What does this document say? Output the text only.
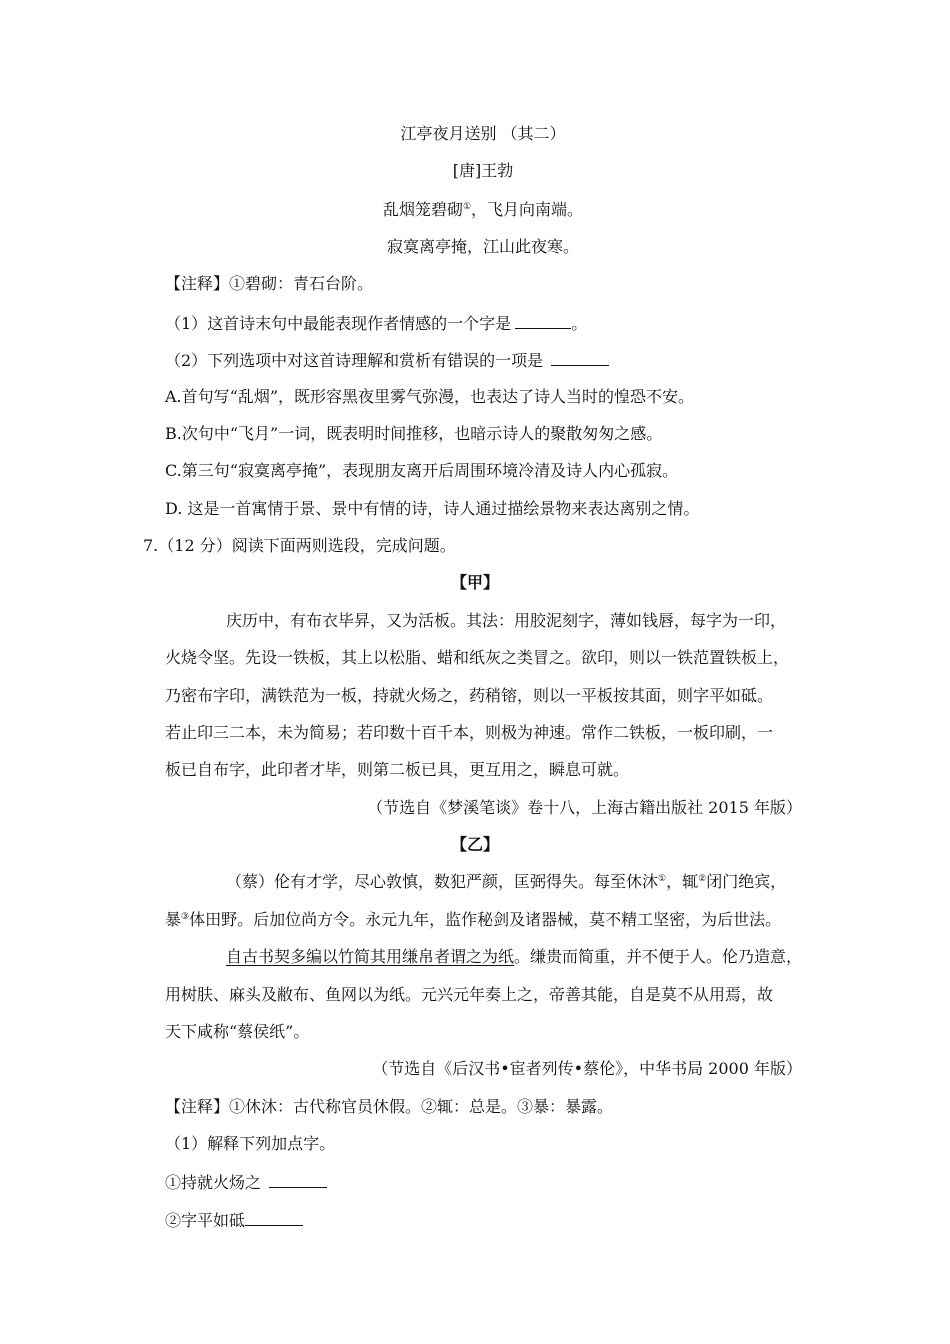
江亭夜月送别 （其二）
[唐]王勃
乱烟笼碧砌①，飞月向南端。
寂寞离亭掩，江山此夜寒。
【注释】①碧砌：青石台阶。
（1）这首诗末句中最能表现作者情感的一个字是	。
（2）下列选项中对这首诗理解和赏析有错误的一项是
A.首句写“乱烟”，既形容黑夜里雾气弥漫，也表达了诗人当时的惶恐不安。
B.次句中“飞月”一词，既表明时间推移，也暗示诗人的聚散匆匆之感。
C.第三句“寂寞离亭掩”，表现朋友离开后周围环境冷清及诗人内心孤寂。
D. 这是一首寓情于景、景中有情的诗，诗人通过描绘景物来表达离别之情。
7.（12 分）阅读下面两则选段，完成问题。
【甲】
庆历中，有布衣毕昇，又为活板。其法：用胶泥刻字，薄如钱唇，每字为一印，
火烧令坚。先设一铁板，其上以松脂、蜡和纸灰之类冒之。欲印，则以一铁范置铁板上，
乃密布字印，满铁范为一板，持就火炀之，药稍镕，则以一平板按其面，则字平如砥。
若止印三二本，未为简易；若印数十百千本，则极为神速。常作二铁板，一板印刷，一
板已自布字，此印者才毕，则第二板已具，更互用之，瞬息可就。
（节选自《梦溪笔谈》卷十八，上海古籍出版社 2015 年版）
【乙】
（蔡）伦有才学，尽心敦慎，数犯严颜，匡弼得失。每至休沐①，辄②闭门绝宾，
暴③体田野。后加位尚方令。永元九年，监作秘剑及诸器械，莫不精工坚密，为后世法。
自古书契多编以竹简其用缣帛者谓之为纸。缣贵而简重，并不便于人。伦乃造意，
用树肤、麻头及敝布、鱼网以为纸。元兴元年奏上之，帝善其能，自是莫不从用焉，故
天下咸称“蔡侯纸”。
（节选自《后汉书•宦者列传•蔡伦》，中华书局 2000 年版）
【注释】①休沐：古代称官员休假。②辄：总是。③暴：暴露。
（1）解释下列加点字。
①持就火炀之
②字平如砥
